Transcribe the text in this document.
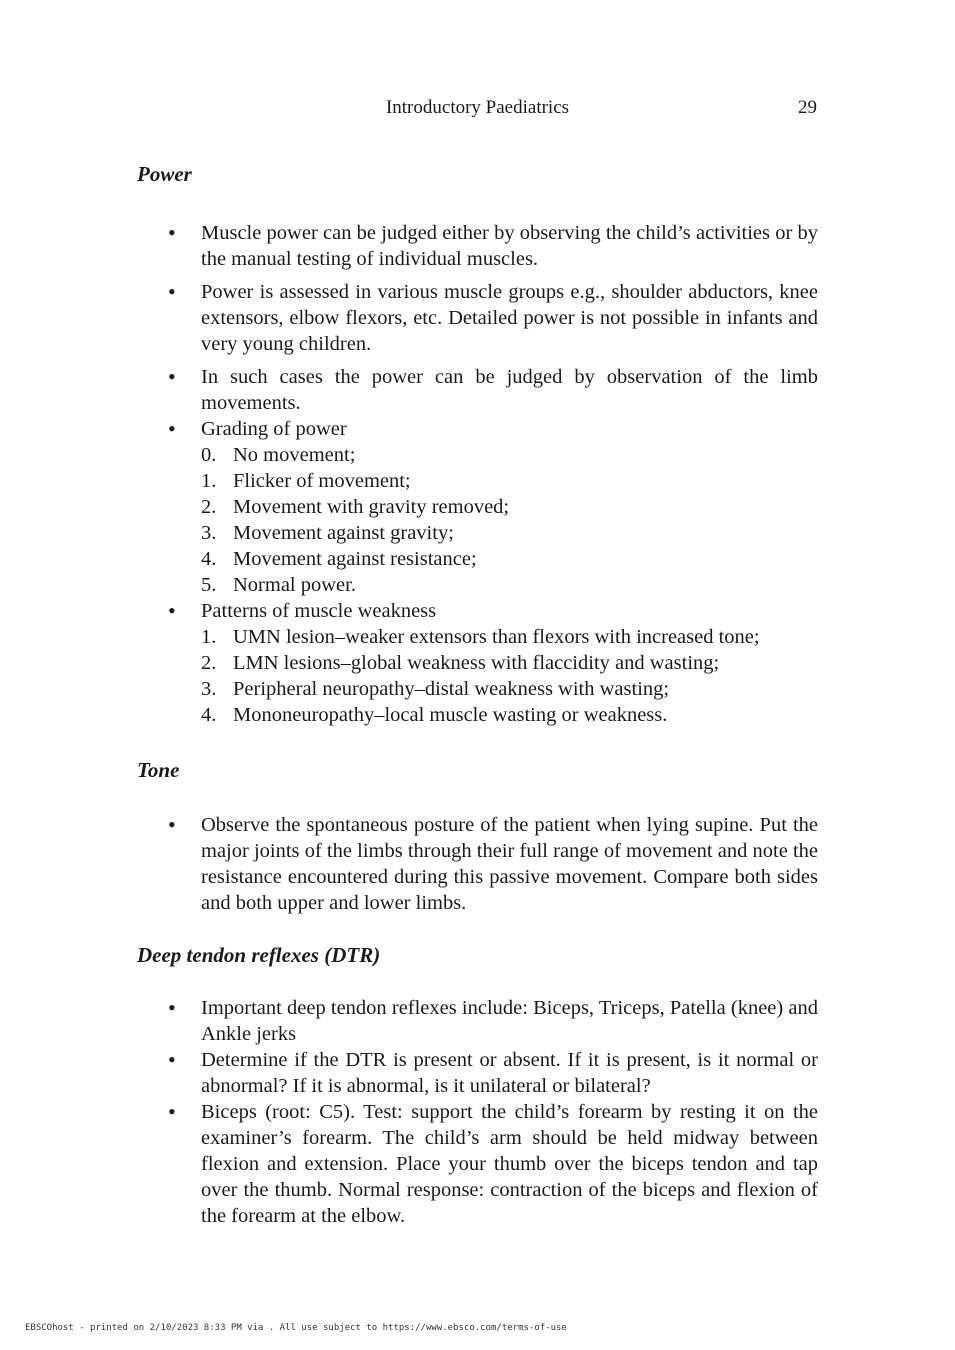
Introductory Paediatrics	29
Power
• Muscle power can be judged either by observing the child’s activities or by the manual testing of individual muscles.
• Power is assessed in various muscle groups e.g., shoulder abductors, knee extensors, elbow flexors, etc. Detailed power is not possible in infants and very young children.
• In such cases the power can be judged by observation of the limb movements.
• Grading of power
0. No movement;
1. Flicker of movement;
2. Movement with gravity removed;
3. Movement against gravity;
4. Movement against resistance;
5. Normal power.
• Patterns of muscle weakness
1. UMN lesion–weaker extensors than flexors with increased tone;
2. LMN lesions–global weakness with flaccidity and wasting;
3. Peripheral neuropathy–distal weakness with wasting;
4. Mononeuropathy–local muscle wasting or weakness.
Tone
• Observe the spontaneous posture of the patient when lying supine. Put the major joints of the limbs through their full range of movement and note the resistance encountered during this passive movement. Compare both sides and both upper and lower limbs.
Deep tendon reflexes (DTR)
• Important deep tendon reflexes include: Biceps, Triceps, Patella (knee) and Ankle jerks
• Determine if the DTR is present or absent. If it is present, is it normal or abnormal? If it is abnormal, is it unilateral or bilateral?
• Biceps (root: C5). Test: support the child’s forearm by resting it on the examiner’s forearm. The child’s arm should be held midway between flexion and extension. Place your thumb over the biceps tendon and tap over the thumb. Normal response: contraction of the biceps and flexion of the forearm at the elbow.
EBSCOhost - printed on 2/10/2023 8:33 PM via . All use subject to https://www.ebsco.com/terms-of-use
